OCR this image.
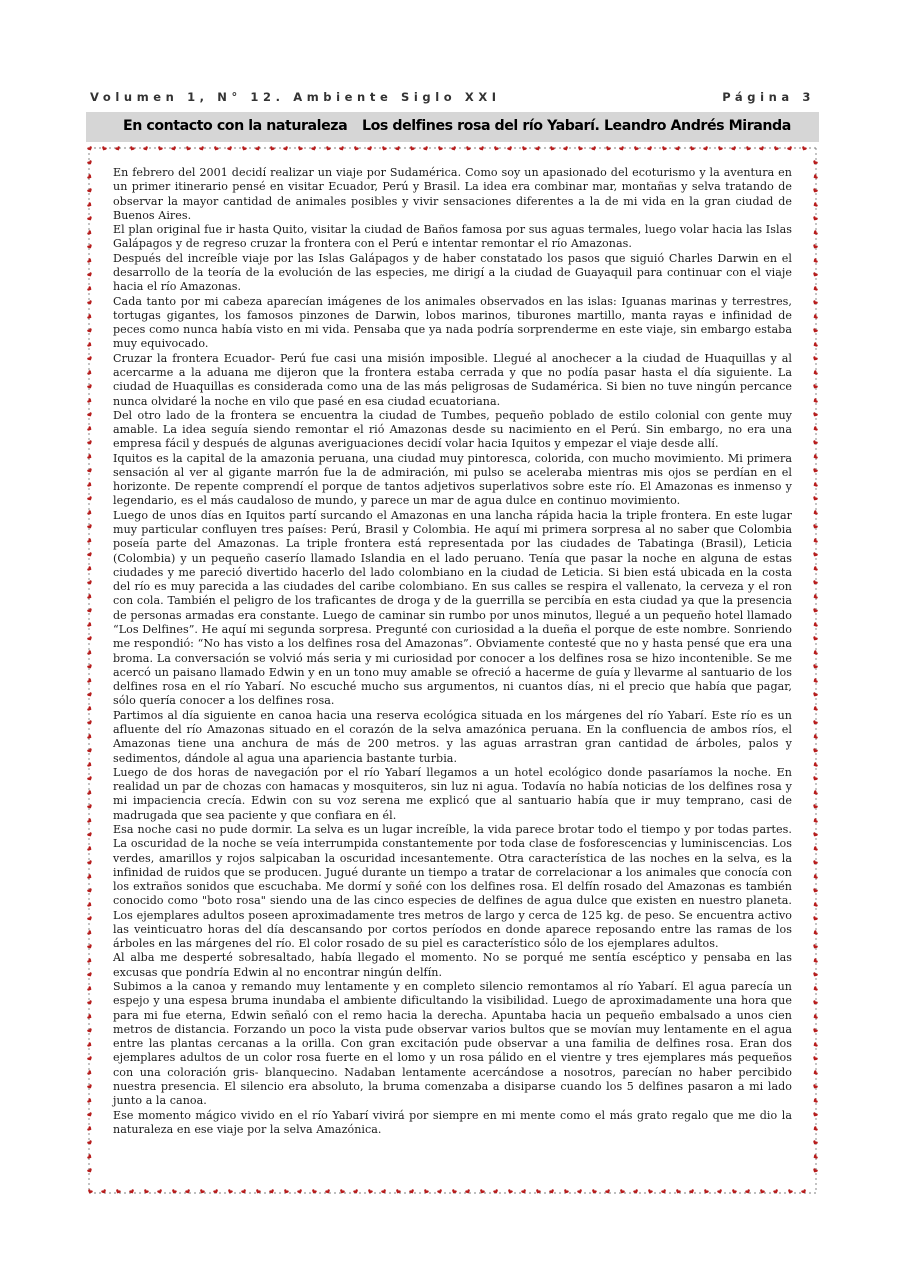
Volumen 1, N° 12. Ambiente Siglo XXI	Página 3
En contacto con la naturaleza Los delfines rosa del río Yabarí. Leandro Andrés Miranda

En febrero del 2001 decidí realizar un viaje por Sudamérica. Como soy un apasionado del ecoturismo y la aventura en un primer itinerario pensé en visitar Ecuador, Perú y Brasil. La idea era combinar mar, montañas y selva tratando de observar la mayor cantidad de animales posibles y vivir sensaciones diferentes a la de mi vida en la gran ciudad de Buenos Aires.

El plan original fue ir hasta Quito, visitar la ciudad de Baños famosa por sus aguas termales, luego volar hacia las Islas Galápagos y de regreso cruzar la frontera con el Perú e intentar remontar el río Amazonas.

Después del increíble viaje por las Islas Galápagos y de haber constatado los pasos que siguió Charles Darwin en el desarrollo de la teoría de la evolución de las especies, me dirigí a la ciudad de Guayaquil para continuar con el viaje hacia el río Amazonas.

Cada tanto por mi cabeza aparecían imágenes de los animales observados en las islas: Iguanas marinas y terrestres, tortugas gigantes, los famosos pinzones de Darwin, lobos marinos, tiburones martillo, manta rayas e infinidad de peces como nunca había visto en mi vida. Pensaba que ya nada podría sorprenderme en este viaje, sin embargo estaba muy equivocado.

Cruzar la frontera Ecuador- Perú fue casi una misión imposible. Llegué al anochecer a la ciudad de Huaquillas y al acercarme a la aduana me dijeron que la frontera estaba cerrada y que no podía pasar hasta el día siguiente. La ciudad de Huaquillas es considerada como una de las más peligrosas de Sudamérica. Si bien no tuve ningún percance nunca olvidaré la noche en vilo que pasé en esa ciudad ecuatoriana.

Del otro lado de la frontera se encuentra la ciudad de Tumbes, pequeño poblado de estilo colonial con gente muy amable. La idea seguía siendo remontar el rió Amazonas desde su nacimiento en el Perú. Sin embargo, no era una empresa fácil y después de algunas averiguaciones decidí volar hacia Iquitos y empezar el viaje desde allí.

Iquitos es la capital de la amazonia peruana, una ciudad muy pintoresca, colorida, con mucho movimiento. Mi primera sensación al ver al gigante marrón fue la de admiración, mi pulso se aceleraba mientras mis ojos se perdían en el horizonte. De repente comprendí el porque de tantos adjetivos superlativos sobre este río. El Amazonas es inmenso y legendario, es el más caudaloso de mundo, y parece un mar de agua dulce en continuo movimiento.

Luego de unos días en Iquitos partí surcando el Amazonas en una lancha rápida hacia la triple frontera. En este lugar muy particular confluyen tres países: Perú, Brasil y Colombia. He aquí mi primera sorpresa al no saber que Colombia poseía parte del Amazonas. La triple frontera está representada por las ciudades de Tabatinga (Brasil), Leticia (Colombia) y un pequeño caserío llamado Islandia en el lado peruano. Tenía que pasar la noche en alguna de estas ciudades y me pareció divertido hacerlo del lado colombiano en la ciudad de Leticia. Si bien está ubicada en la costa del río es muy parecida a las ciudades del caribe colombiano. En sus calles se respira el vallenato, la cerveza y el ron con cola. También el peligro de los traficantes de droga y de la guerrilla se percibía en esta ciudad ya que la presencia de personas armadas era constante. Luego de caminar sin rumbo por unos minutos, llegué a un pequeño hotel llamado “Los Delfines”. He aquí mi segunda sorpresa. Pregunté con curiosidad a la dueña el porque de este nombre. Sonriendo me respondió: “No has visto a los delfines rosa del Amazonas”. Obviamente contesté que no y hasta pensé que era una broma. La conversación se volvió más seria y mi curiosidad por conocer a los delfines rosa se hizo incontenible. Se me acercó un paisano llamado Edwin y en un tono muy amable se ofreció a hacerme de guía y llevarme al santuario de los delfines rosa en el río Yabarí. No escuché mucho sus argumentos, ni cuantos días, ni el precio que había que pagar, sólo quería conocer a los delfines rosa.

Partimos al día siguiente en canoa hacia una reserva ecológica situada en los márgenes del río Yabarí. Este río es un afluente del río Amazonas situado en el corazón de la selva amazónica peruana. En la confluencia de ambos ríos, el Amazonas tiene una anchura de más de 200 metros. y las aguas arrastran gran cantidad de árboles, palos y sedimentos, dándole al agua una apariencia bastante turbia.

Luego de dos horas de navegación por el río Yabarí llegamos a un hotel ecológico donde pasaríamos la noche. En realidad un par de chozas con hamacas y mosquiteros, sin luz ni agua. Todavía no había noticias de los delfines rosa y mi impaciencia crecía. Edwin con su voz serena me explicó que al santuario había que ir muy temprano, casi de madrugada que sea paciente y que confiara en él.

Esa noche casi no pude dormir. La selva es un lugar increíble, la vida parece brotar todo el tiempo y por todas partes. La oscuridad de la noche se veía interrumpida constantemente por toda clase de fosforescencias y luminiscencias. Los verdes, amarillos y rojos salpicaban la oscuridad incesantemente. Otra característica de las noches en la selva, es la infinidad de ruidos que se producen. Jugué durante un tiempo a tratar de correlacionar a los animales que conocía con los extraños sonidos que escuchaba. Me dormí y soñé con los delfines rosa. El delfín rosado del Amazonas es también conocido como "boto rosa" siendo una de las cinco especies de delfines de agua dulce que existen en nuestro planeta. Los ejemplares adultos poseen aproximadamente tres metros de largo y cerca de 125 kg. de peso. Se encuentra activo las veinticuatro horas del día descansando por cortos períodos en donde aparece reposando entre las ramas de los árboles en las márgenes del río. El color rosado de su piel es característico sólo de los ejemplares adultos.

Al alba me desperté sobresaltado, había llegado el momento. No se porqué me sentía escéptico y pensaba en las excusas que pondría Edwin al no encontrar ningún delfín.

Subimos a la canoa y remando muy lentamente y en completo silencio remontamos al río Yabarí. El agua parecía un espejo y una espesa bruma inundaba el ambiente dificultando la visibilidad. Luego de aproximadamente una hora que para mi fue eterna, Edwin señaló con el remo hacia la derecha. Apuntaba hacia un pequeño embalsado a unos cien metros de distancia. Forzando un poco la vista pude observar varios bultos que se movían muy lentamente en el agua entre las plantas cercanas a la orilla. Con gran excitación pude observar a una familia de delfines rosa. Eran dos ejemplares adultos de un color rosa fuerte en el lomo y un rosa pálido en el vientre y tres ejemplares más pequeños con una coloración gris- blanquecino. Nadaban lentamente acercándose a nosotros, parecían no haber percibido nuestra presencia. El silencio era absoluto, la bruma comenzaba a disiparse cuando los 5 delfines pasaron a mi lado junto a la canoa.

Ese momento mágico vivido en el río Yabarí vivirá por siempre en mi mente como el más grato regalo que me dio la naturaleza en ese viaje por la selva Amazónica.
